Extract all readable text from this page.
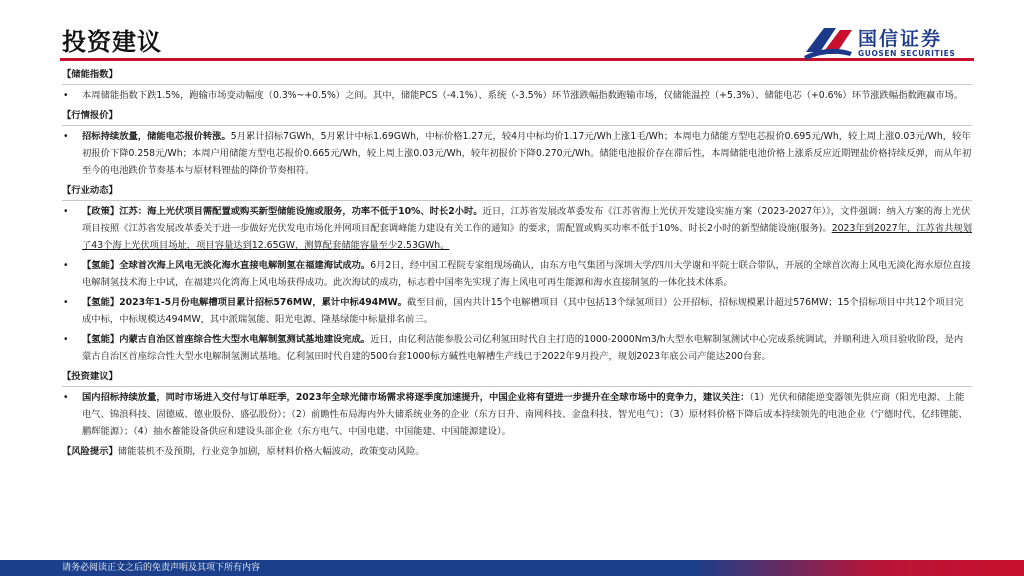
投资建议	国信证券
GUOSEN SECURITIES
【储能指数】
• 本周储能指数下跌1.5%，跑输市场变动幅度（0.3%~+0.5%）之间。其中，储能PCS（-4.1%）、系统（-3.5%）环节涨跌幅指数跑输市场，仅储能温控（+5.3%）、储能电芯（+0.6%）环节涨跌幅指数跑赢市场。
【行情报价】
• 招标持续放量，储能电芯报价转涨。5月累计招标7GWh，5月累计中标1.69GWh，中标价格1.27元，较4月中标均价1.17元/Wh上涨1毛/Wh；本周电力储能方型电芯报价0.695元/Wh，较上周上涨0.03元/Wh，较年初报价下降0.258元/Wh；本周户用储能方型电芯报价0.665元/Wh，较上周上涨0.03元/Wh，较年初报价下降0.270元/Wh。储能电池报价存在滞后性，本周储能电池价格上涨系反应近期锂盐价格持续反弹，而从年初至今的电池跌价节奏基本与原材料锂盐的降价节奏相符。
【行业动态】
• 【政策】江苏：海上光伏项目需配置或购买新型储能设施或服务，功率不低于10%、时长2小时。近日，江苏省发展改革委发布《江苏省海上光伏开发建设实施方案（2023-2027年）》，文件强调：纳入方案的海上光伏项目按照《江苏省发展改革委关于进一步做好光伏发电市场化并网项目配套调峰能力建设有关工作的通知》的要求，需配置或购买功率不低于10%、时长2小时的新型储能设施(服务)。2023年到2027年，江苏省共规划了43个海上光伏项目场址，项目容量达到12.65GW，测算配套储能容量至少2.53GWh。
• 【氢能】全球首次海上风电无淡化海水直接电解制氢在福建海试成功。6月2日，经中国工程院专家组现场确认，由东方电气集团与深圳大学/四川大学谢和平院士联合带队，开展的全球首次海上风电无淡化海水原位直接电解制氢技术海上中试，在福建兴化湾海上风电场获得成功。此次海试的成功，标志着中国率先实现了海上风电可再生能源和海水直接制氢的一体化技术体系。
• 【氢能】2023年1-5月份电解槽项目累计招标576MW，累计中标494MW。截至目前，国内共计15个电解槽项目（其中包括13个绿氢项目）公开招标，招标规模累计超过576MW；15个招标项目中共12个项目完成中标，中标规模达494MW，其中派瑞氢能、阳光电源、隆基绿能中标量排名前三。
• 【氢能】内蒙古自治区首座综合性大型水电解制氢测试基地建设完成。近日，由亿利洁能参股公司亿利氢田时代自主打造的1000-2000Nm3/h大型水电解制氢测试中心完成系统调试，并顺利进入项目验收阶段，是内蒙古自治区首座综合性大型水电解制氢测试基地。亿利氢田时代自建的500台套1000标方碱性电解槽生产线已于2022年9月投产，规划2023年底公司产能达200台套。
【投资建议】
• 国内招标持续放量，同时市场进入交付与订单旺季，2023年全球光储市场需求将逐季度加速提升，中国企业将有望进一步提升在全球市场中的竞争力，建议关注：（1）光伏和储能逆变器领先供应商（阳光电源、上能电气、锦浪科技、固德威、德业股份、盛弘股份）；（2）前瞻性布局海内外大储系统业务的企业（东方日升、南网科技、金盘科技、智光电气）；（3）原材料价格下降后成本持续领先的电池企业（宁德时代、亿纬锂能、鹏辉能源）；（4）抽水蓄能设备供应和建设头部企业（东方电气、中国电建、中国能建、中国能源建设）。
【风险提示】储能装机不及预期，行业竞争加剧，原材料价格大幅波动，政策变动风险。
请务必阅读正文之后的免责声明及其项下所有内容
